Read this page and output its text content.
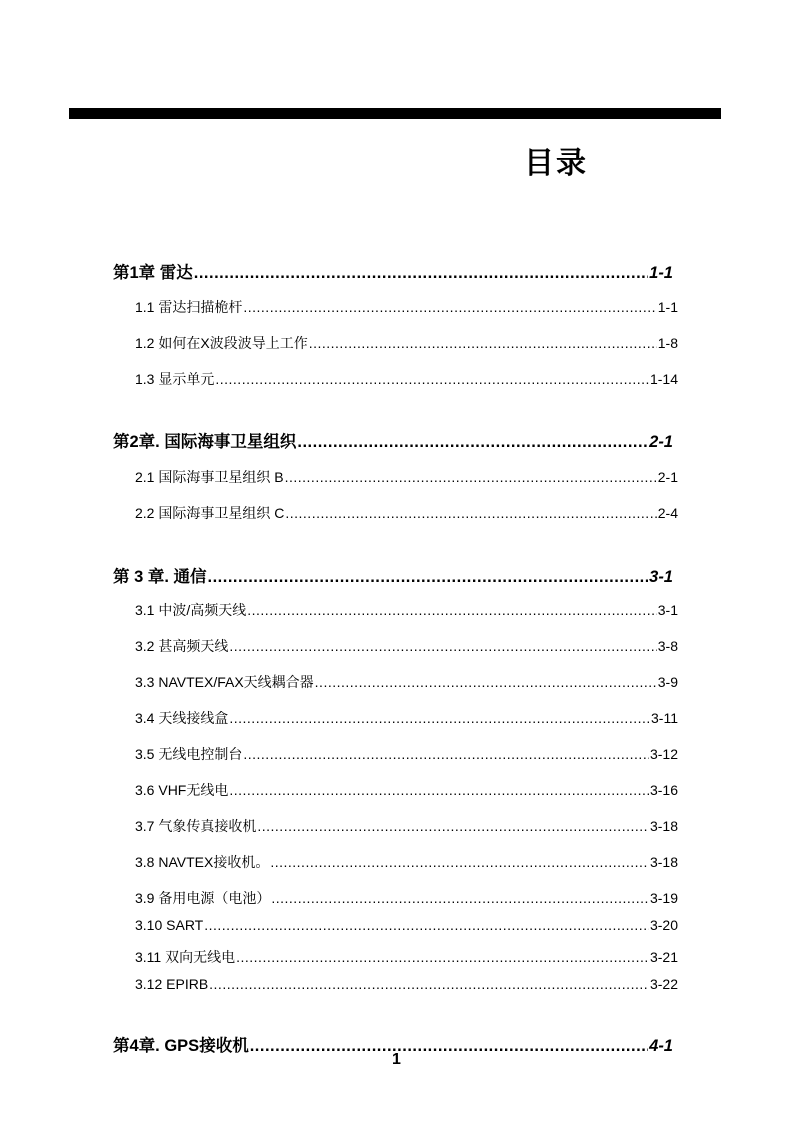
目录
第1章 雷达 .....	1-1
1.1 雷达扫描桅杆 .....	1-1
1.2 如何在X波段波导上工作 .....	1-8
1.3 显示单元 .....	1-14
第2章. 国际海事卫星组织 .....	2-1
2.1 国际海事卫星组织 B .....	2-1
2.2 国际海事卫星组织 C .....	2-4
第 3 章. 通信 .....	3-1
3.1 中波/高频天线 .....	3-1
3.2 甚高频天线 .....	3-8
3.3 NAVTEX/FAX天线耦合器 .....	3-9
3.4 天线接线盒 .....	3-11
3.5 无线电控制台 .....	3-12
3.6 VHF无线电 .....	3-16
3.7 气象传真接收机 .....	3-18
3.8 NAVTEX接收机。 .....	3-18
3.9 备用电源（电池） .....	3-19
3.10 SART .....	3-20
3.11 双向无线电 .....	3-21
3.12 EPIRB .....	3-22
第4章. GPS接收机 .....	4-1
1
